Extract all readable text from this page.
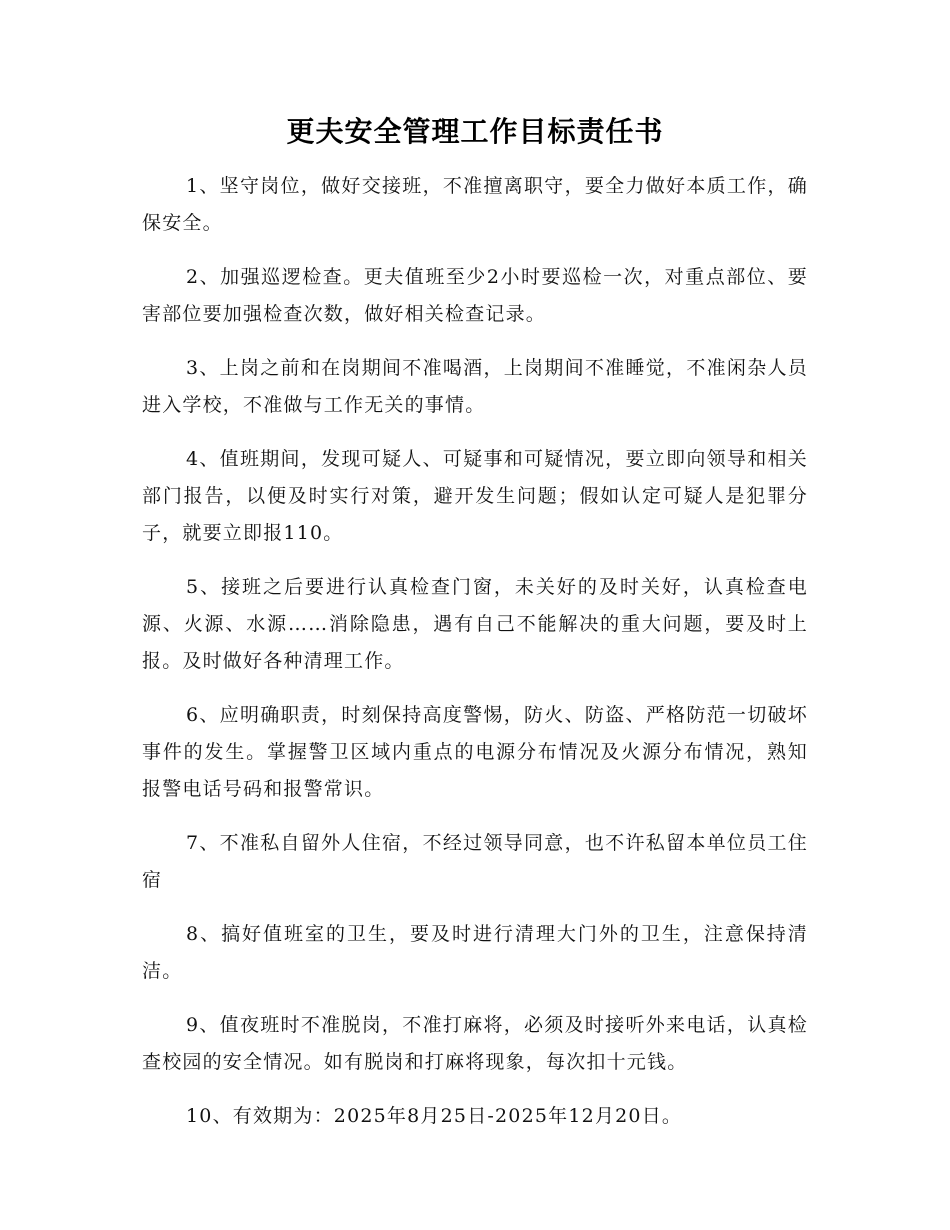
更夫安全管理工作目标责任书

1、坚守岗位，做好交接班，不准擅离职守，要全力做好本质工作，确保安全。

2、加强巡逻检查。更夫值班至少2小时要巡检一次，对重点部位、要害部位要加强检查次数，做好相关检查记录。

3、上岗之前和在岗期间不准喝酒，上岗期间不准睡觉，不准闲杂人员进入学校，不准做与工作无关的事情。

4、值班期间，发现可疑人、可疑事和可疑情况，要立即向领导和相关部门报告，以便及时实行对策，避开发生问题；假如认定可疑人是犯罪分子，就要立即报110。

5、接班之后要进行认真检查门窗，未关好的及时关好，认真检查电源、火源、水源……消除隐患，遇有自己不能解决的重大问题，要及时上报。及时做好各种清理工作。

6、应明确职责，时刻保持高度警惕，防火、防盗、严格防范一切破坏事件的发生。掌握警卫区域内重点的电源分布情况及火源分布情况，熟知报警电话号码和报警常识。

7、不准私自留外人住宿，不经过领导同意，也不许私留本单位员工住宿

8、搞好值班室的卫生，要及时进行清理大门外的卫生，注意保持清洁。

9、值夜班时不准脱岗，不准打麻将，必须及时接听外来电话，认真检查校园的安全情况。如有脱岗和打麻将现象，每次扣十元钱。

10、有效期为：2025年8月25日-2025年12月20日。
